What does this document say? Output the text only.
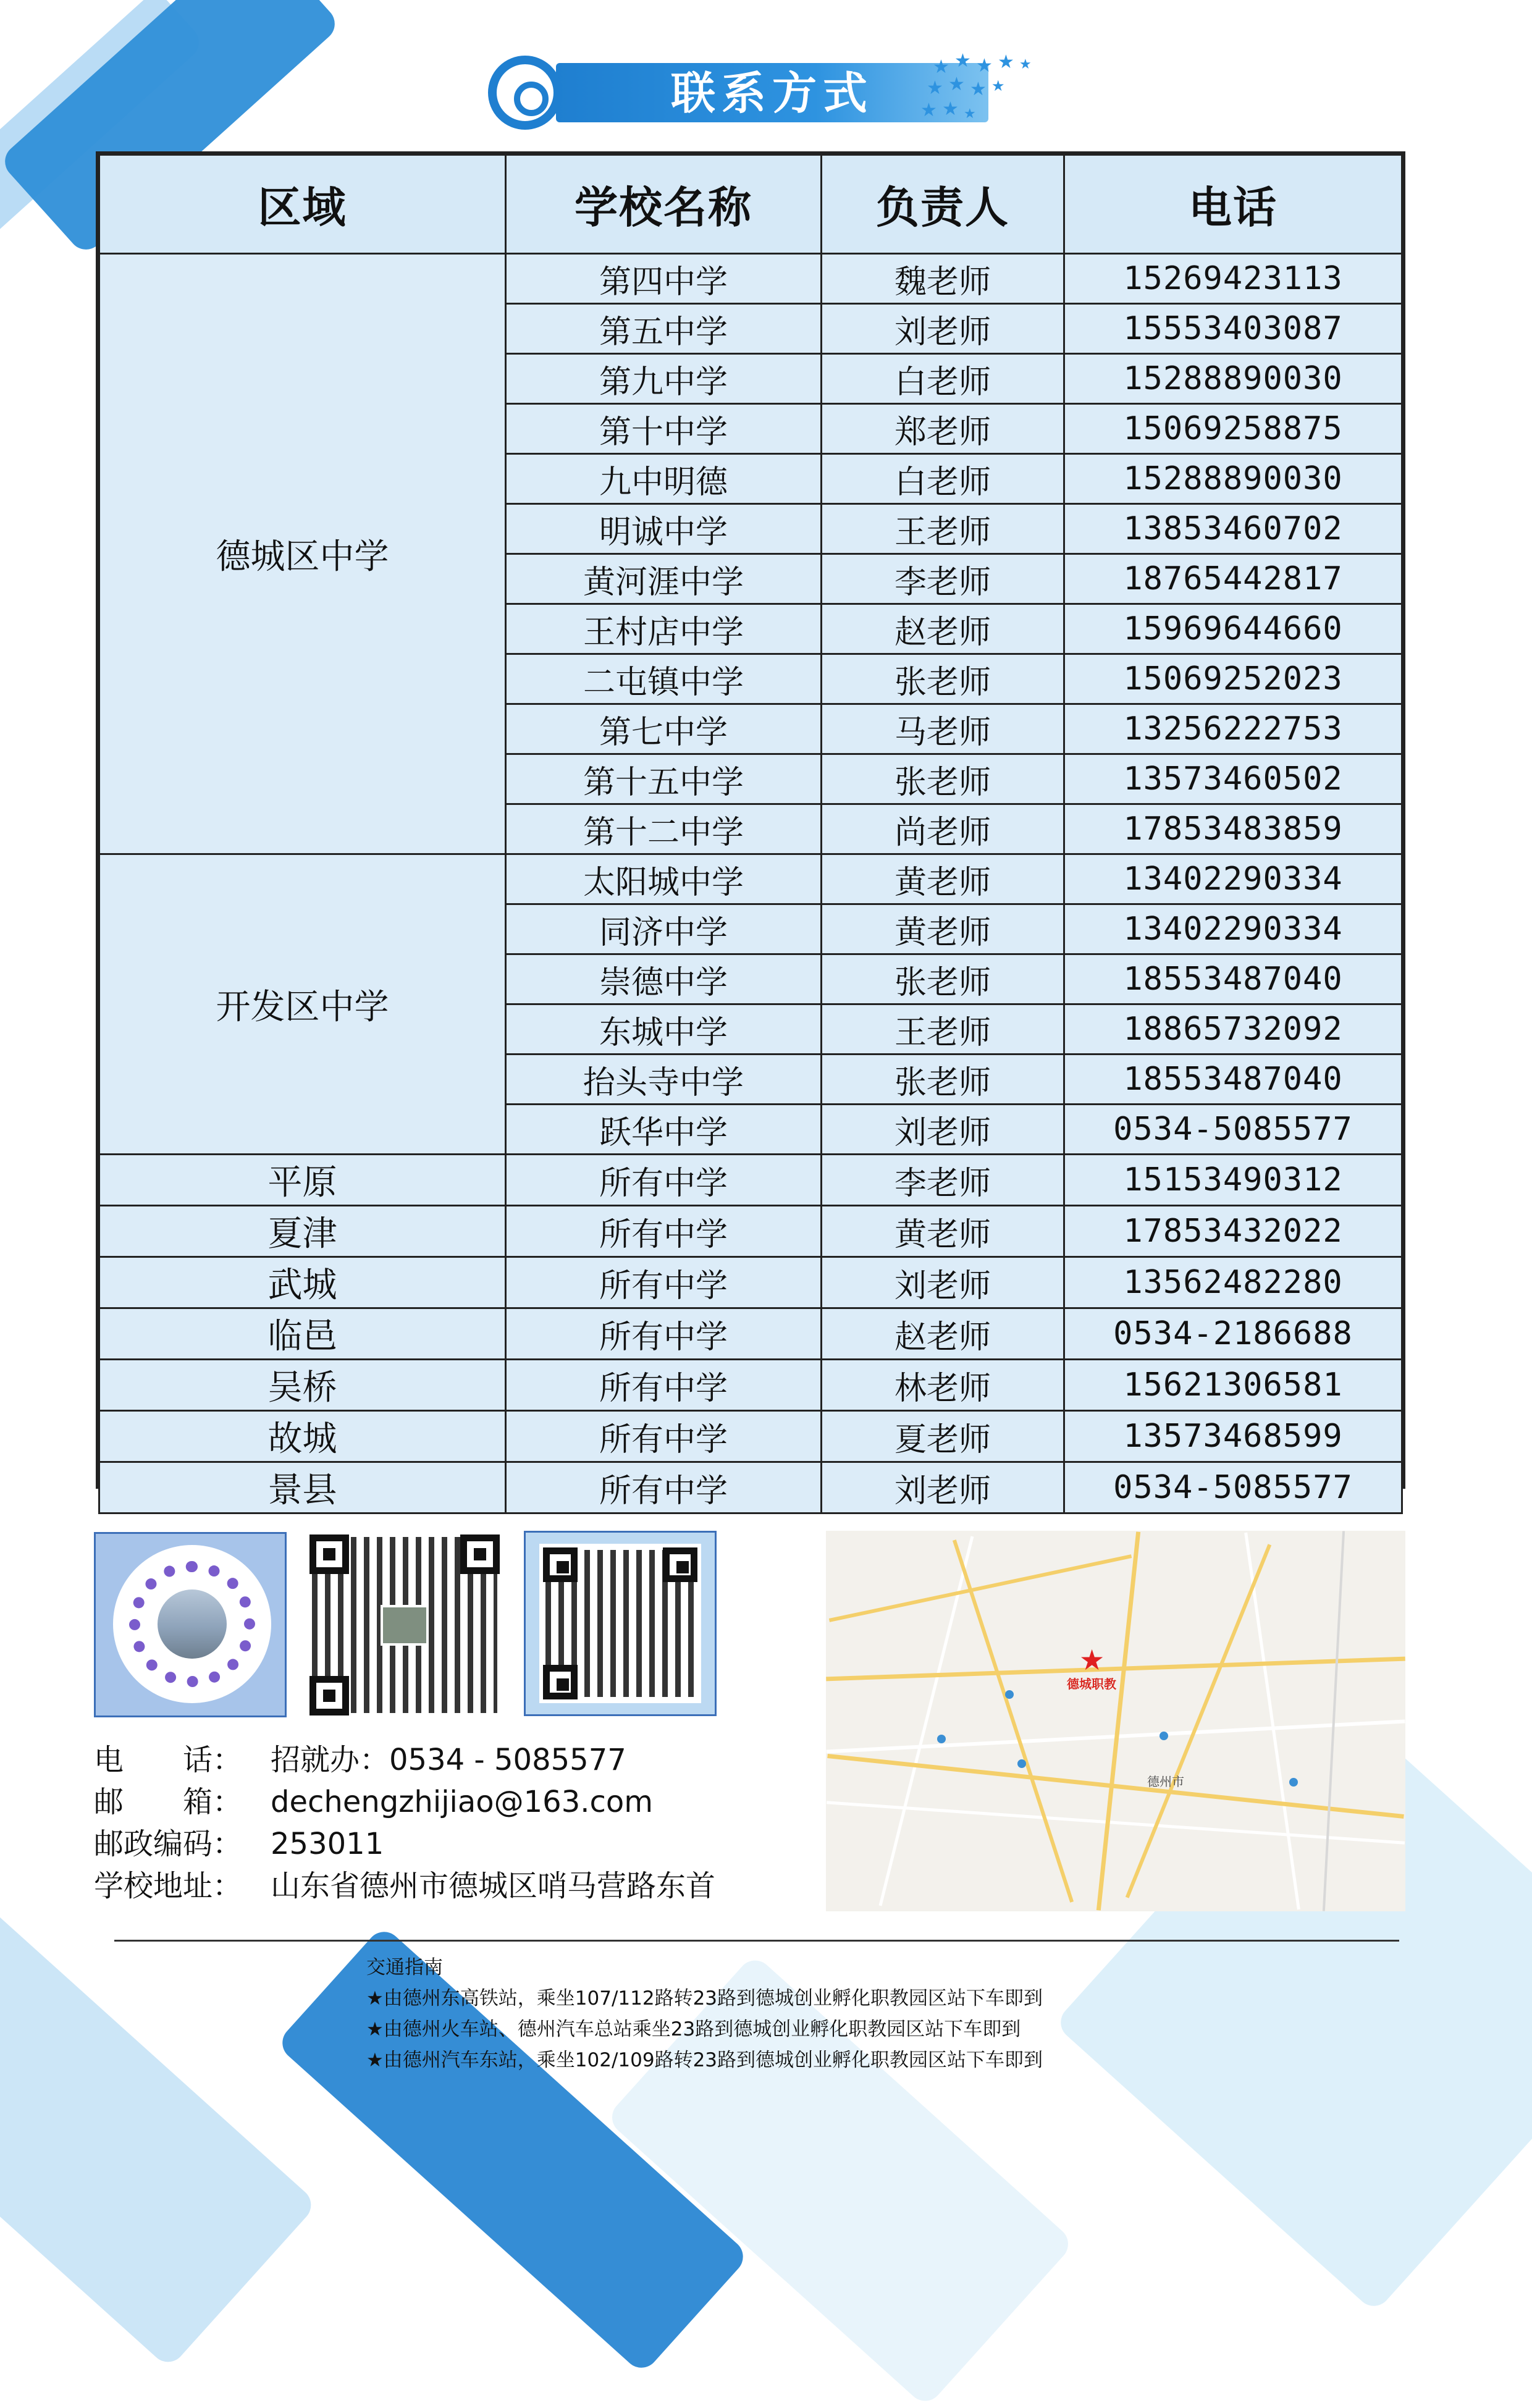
联系方式
★ ★ ★ ★ ★
★ ★ ★ ★
★ ★ ★
区域	学校名称	负责人	电话
德城区中学	第四中学	魏老师	15269423113
	第五中学	刘老师	15553403087
	第九中学	白老师	15288890030
	第十中学	郑老师	15069258875
	九中明德	白老师	15288890030
	明诚中学	王老师	13853460702
	黄河涯中学	李老师	18765442817
	王村店中学	赵老师	15969644660
	二屯镇中学	张老师	15069252023
	第七中学	马老师	13256222753
	第十五中学	张老师	13573460502
	第十二中学	尚老师	17853483859
开发区中学	太阳城中学	黄老师	13402290334
	同济中学	黄老师	13402290334
	崇德中学	张老师	18553487040
	东城中学	王老师	18865732092
	抬头寺中学	张老师	18553487040
	跃华中学	刘老师	0534-5085577
平原	所有中学	李老师	15153490312
夏津	所有中学	黄老师	17853432022
武城	所有中学	刘老师	13562482280
临邑	所有中学	赵老师	0534-2186688
吴桥	所有中学	林老师	15621306581
故城	所有中学	夏老师	13573468599
景县	所有中学	刘老师	0534-5085577
电　　话： 招就办：0534 - 5085577
邮　　箱： dechengzhijiao@163.com
邮政编码： 253011
学校地址： 山东省德州市德城区哨马营路东首
★
德城职教
德州市
交通指南
★由德州东高铁站，乘坐107/112路转23路到德城创业孵化职教园区站下车即到
★由德州火车站、德州汽车总站乘坐23路到德城创业孵化职教园区站下车即到
★由德州汽车东站，乘坐102/109路转23路到德城创业孵化职教园区站下车即到
